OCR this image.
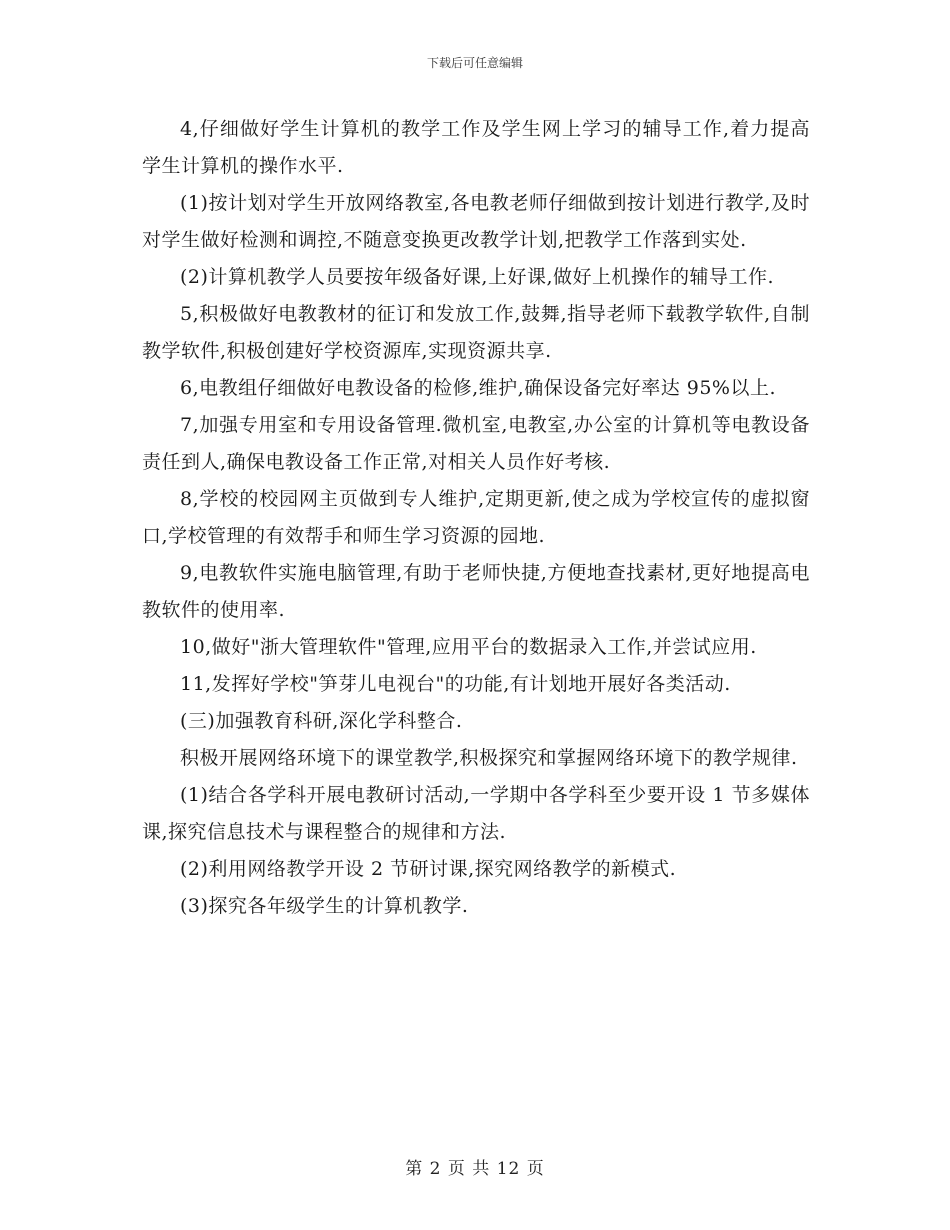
下载后可任意编辑

4,仔细做好学生计算机的教学工作及学生网上学习的辅导工作,着力提高学生计算机的操作水平.

(1)按计划对学生开放网络教室,各电教老师仔细做到按计划进行教学,及时对学生做好检测和调控,不随意变换更改教学计划,把教学工作落到实处.

(2)计算机教学人员要按年级备好课,上好课,做好上机操作的辅导工作.

5,积极做好电教教材的征订和发放工作,鼓舞,指导老师下载教学软件,自制教学软件,积极创建好学校资源库,实现资源共享.

6,电教组仔细做好电教设备的检修,维护,确保设备完好率达 95%以上.

7,加强专用室和专用设备管理.微机室,电教室,办公室的计算机等电教设备责任到人,确保电教设备工作正常,对相关人员作好考核.

8,学校的校园网主页做到专人维护,定期更新,使之成为学校宣传的虚拟窗口,学校管理的有效帮手和师生学习资源的园地.

9,电教软件实施电脑管理,有助于老师快捷,方便地查找素材,更好地提高电教软件的使用率.

10,做好"浙大管理软件"管理,应用平台的数据录入工作,并尝试应用.

11,发挥好学校"笋芽儿电视台"的功能,有计划地开展好各类活动.

(三)加强教育科研,深化学科整合.

积极开展网络环境下的课堂教学,积极探究和掌握网络环境下的教学规律.

(1)结合各学科开展电教研讨活动,一学期中各学科至少要开设 1 节多媒体课,探究信息技术与课程整合的规律和方法.

(2)利用网络教学开设 2 节研讨课,探究网络教学的新模式.

(3)探究各年级学生的计算机教学.

第 2 页 共 12 页
